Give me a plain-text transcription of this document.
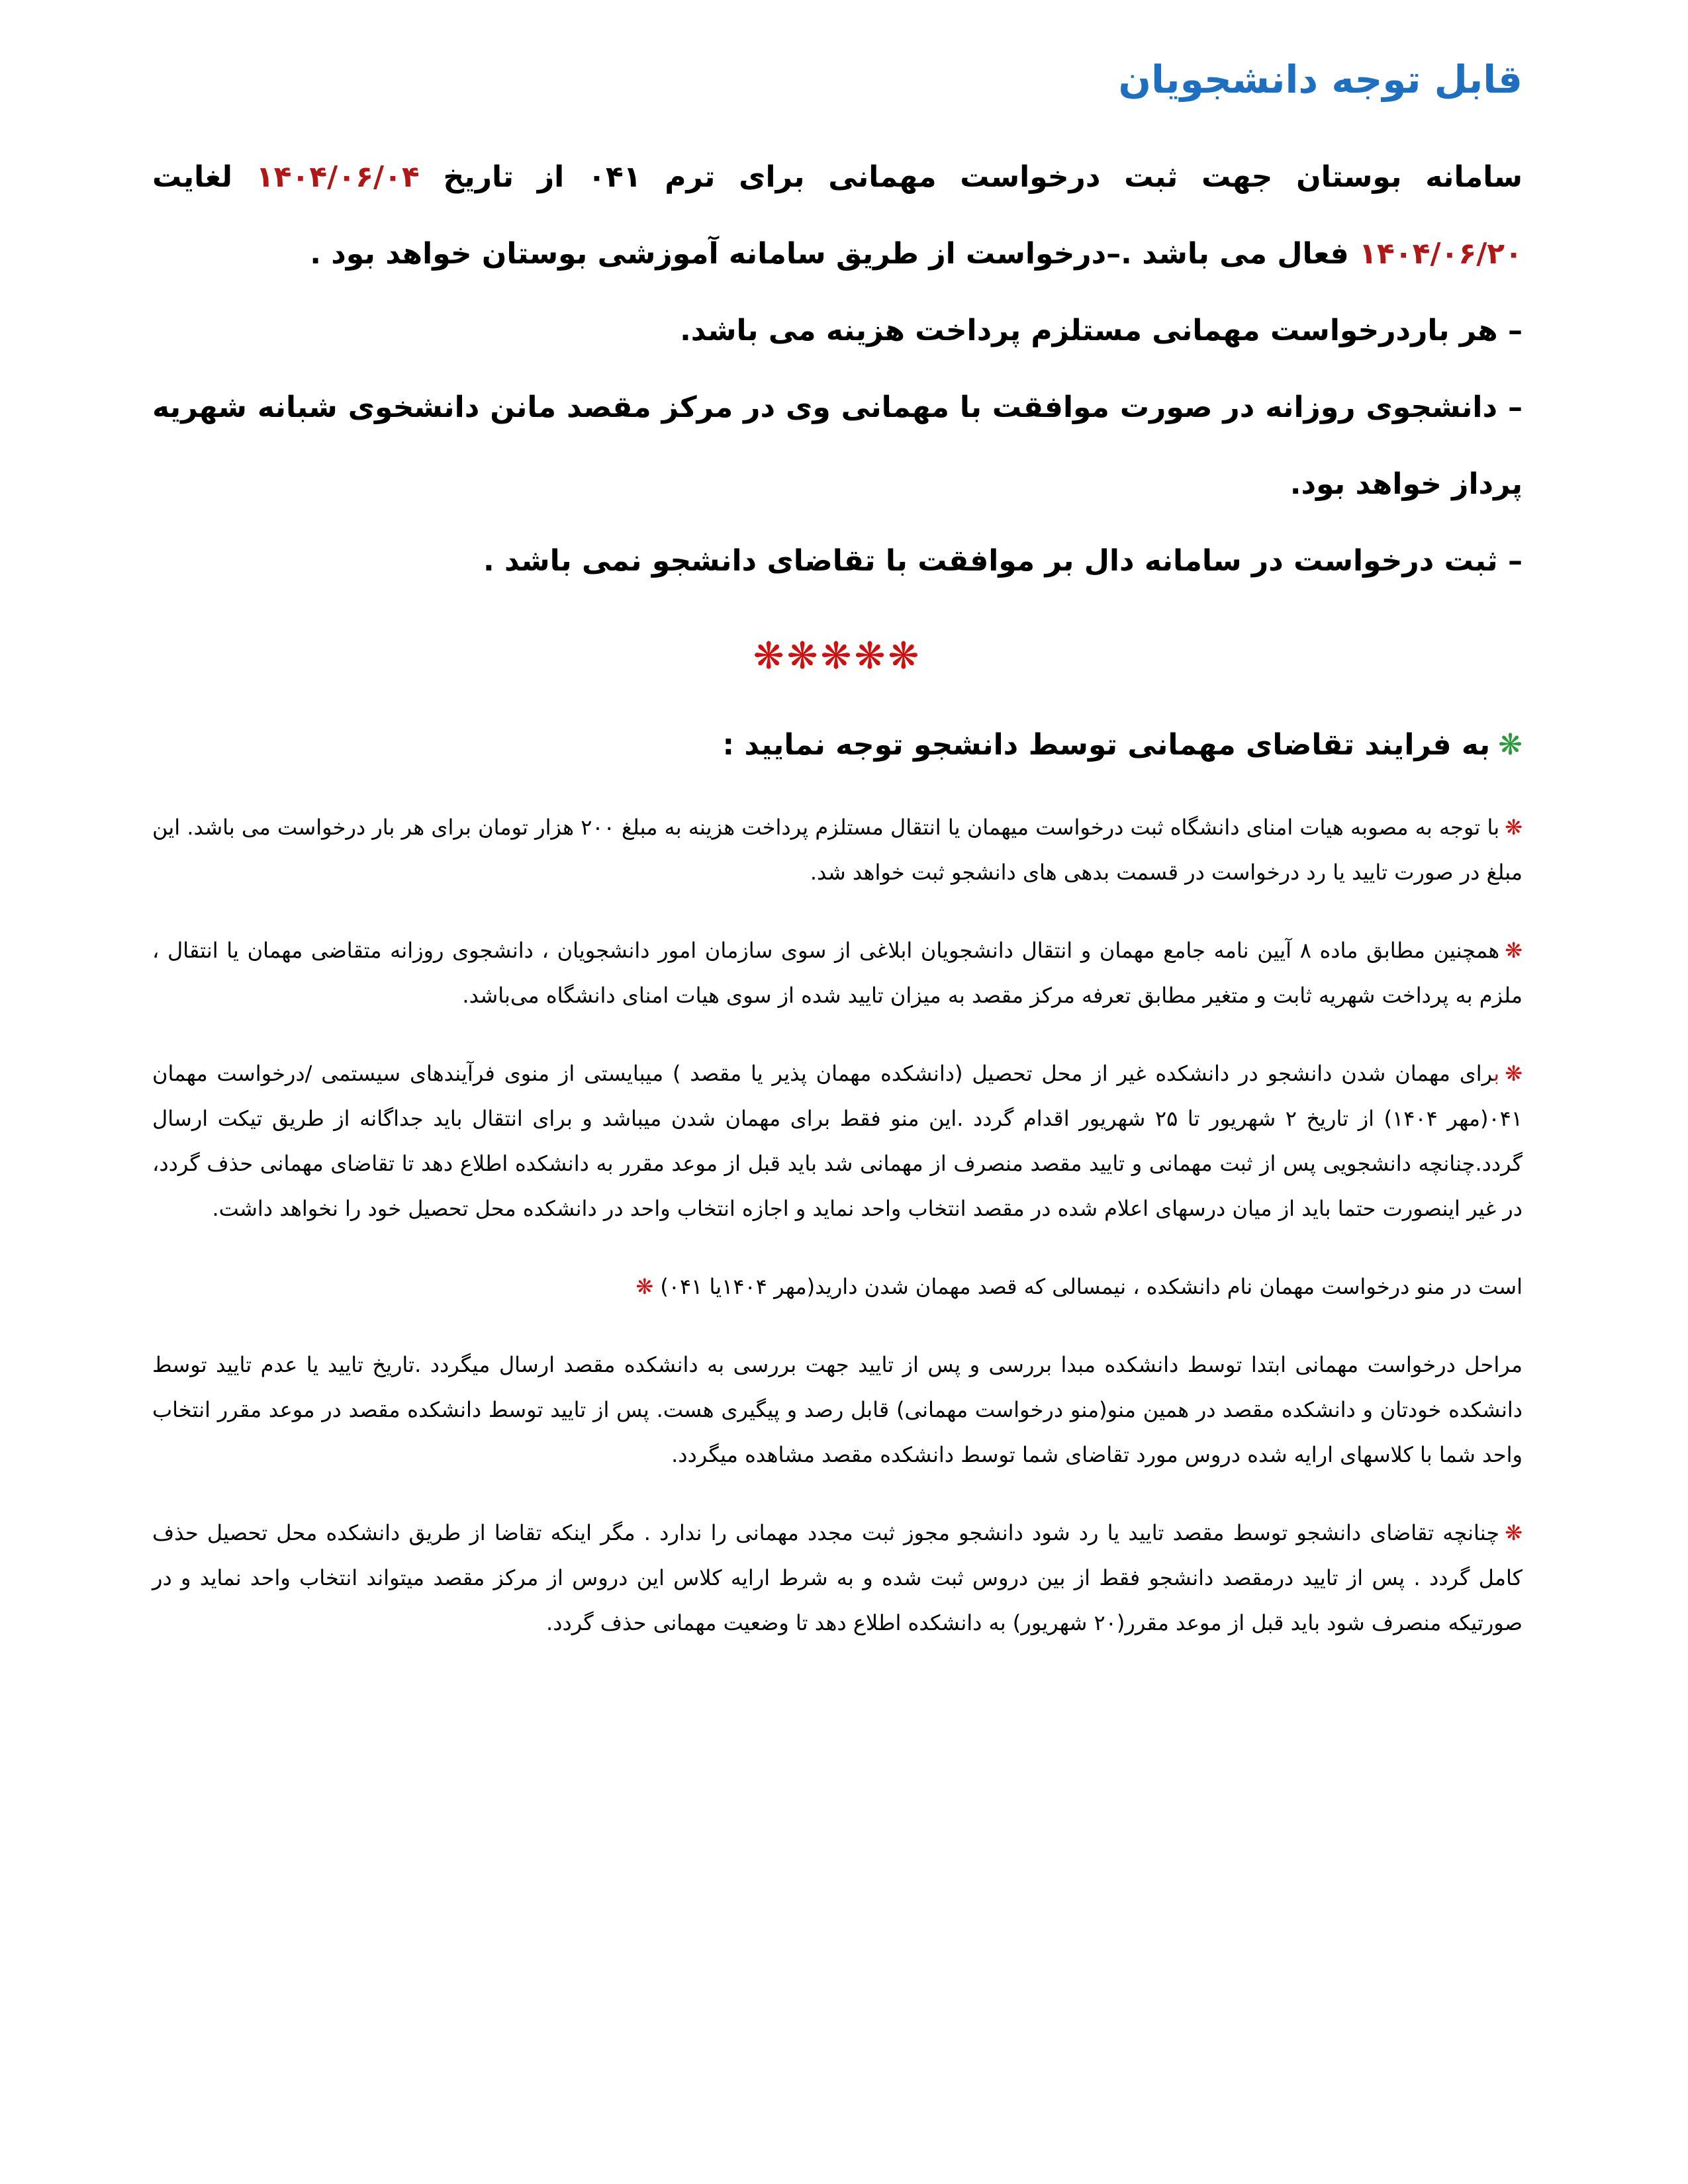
قابل توجه دانشجویان

سامانه بوستان جهت ثبت درخواست مهمانی برای ترم ۰۴۱ از تاریخ ۱۴۰۴/۰۶/۰۴ لغایت ۱۴۰۴/۰۶/۲۰ فعال می باشد .–درخواست از طریق سامانه آموزشی بوستان خواهد بود .

– هر باردرخواست مهمانی مستلزم پرداخت هزینه می باشد.

– دانشجوی روزانه در صورت موافقت با مهمانی وی در مرکز مقصد مانن دانشخوی شبانه شهریه پرداز خواهد بود.

– ثبت درخواست در سامانه دال بر موافقت با تقاضای دانشجو نمی باشد .

❋❋❋❋❋
❋به فرایند تقاضای مهمانی توسط دانشجو توجه نمایید :

❋با توجه به مصوبه هیات امنای دانشگاه ثبت درخواست میهمان یا انتقال مستلزم پرداخت هزینه به مبلغ ۲۰۰ هزار تومان برای هر بار درخواست می باشد. این مبلغ در صورت تایید یا رد درخواست در قسمت بدهی های دانشجو ثبت خواهد شد.

❋همچنین مطابق ماده ۸ آیین نامه جامع مهمان و انتقال دانشجویان ابلاغی از سوی سازمان امور دانشجویان ، دانشجوی روزانه متقاضی مهمان یا انتقال ، ملزم به پرداخت شهریه ثابت و متغیر مطابق تعرفه مرکز مقصد به میزان تایید شده از سوی هیات امنای دانشگاه می‌باشد.

❋برای مهمان شدن دانشجو در دانشکده غیر از محل تحصیل (دانشکده مهمان پذیر یا مقصد ) میبایستی از منوی فرآیندهای سیستمی /درخواست مهمان ۰۴۱(مهر ۱۴۰۴) از تاریخ ۲ شهریور تا ۲۵ شهریور اقدام گردد .این منو فقط برای مهمان شدن میباشد و برای انتقال باید جداگانه از طریق تیکت ارسال گردد.چنانچه دانشجویی پس از ثبت مهمانی و تایید مقصد منصرف از مهمانی شد باید قبل از موعد مقرر به دانشکده اطلاع دهد تا تقاضای مهمانی حذف گردد، در غیر اینصورت حتما باید از میان درسهای اعلام شده در مقصد انتخاب واحد نماید و اجازه انتخاب واحد در دانشکده محل تحصیل خود را نخواهد داشت.

است در منو درخواست مهمان نام دانشکده ، نیمسالی که قصد مهمان شدن دارید(مهر ۱۴۰۴یا ۰۴۱) ❋

مراحل درخواست مهمانی ابتدا توسط دانشکده مبدا بررسی و پس از تایید جهت بررسی به دانشکده مقصد ارسال میگردد .تاریخ تایید یا عدم تایید توسط دانشکده خودتان و دانشکده مقصد در همین منو(منو درخواست مهمانی) قابل رصد و پیگیری هست. پس از تایید توسط دانشکده مقصد در موعد مقرر انتخاب واحد شما با کلاسهای ارایه شده دروس مورد تقاضای شما توسط دانشکده مقصد مشاهده میگردد.

❋چنانچه تقاضای دانشجو توسط مقصد تایید یا رد شود دانشجو مجوز ثبت مجدد مهمانی را ندارد . مگر اینکه تقاضا از طریق دانشکده محل تحصیل حذف کامل گردد . پس از تایید درمقصد دانشجو فقط از بین دروس ثبت شده و به شرط ارایه کلاس این دروس از مرکز مقصد میتواند انتخاب واحد نماید و در صورتیکه منصرف شود باید قبل از موعد مقرر(۲۰ شهریور) به دانشکده اطلاع دهد تا وضعیت مهمانی حذف گردد.
